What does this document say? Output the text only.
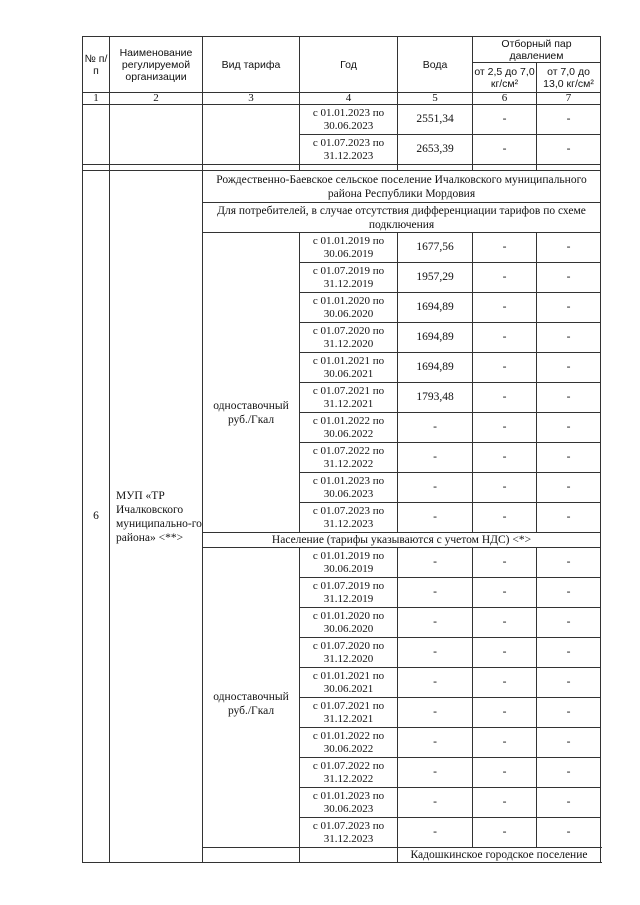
№ п/п	Наименование регулируемой организации	Вид тарифа	Год	Вода	Отборный пар давлением	
					от 2,5 до 7,0 кг/см²	от 7,0 до 13,0 кг/см²
1	2	3	4	5	6	7
			с 01.01.2023 по 30.06.2023	2551,34	-	-
			с 01.07.2023 по 31.12.2023	2653,39	-	-

6	МУП «ТР Ичалковского муниципально-го района» <**>	Рождественно-Баевское сельское поселение Ичалковского муниципального района Республики Мордовия				
		Для потребителей, в случае отсутствия дифференциации тарифов по схеме подключения				
		одноставочный руб./Гкал	с 01.01.2019 по 30.06.2019	1677,56	-	-
			с 01.07.2019 по 31.12.2019	1957,29	-	-
			с 01.01.2020 по 30.06.2020	1694,89	-	-
			с 01.07.2020 по 31.12.2020	1694,89	-	-
			с 01.01.2021 по 30.06.2021	1694,89	-	-
			с 01.07.2021 по 31.12.2021	1793,48	-	-
			с 01.01.2022 по 30.06.2022	-	-	-
			с 01.07.2022 по 31.12.2022	-	-	-
			с 01.01.2023 по 30.06.2023	-	-	-
			с 01.07.2023 по 31.12.2023	-	-	-
		Население (тарифы указываются с учетом НДС) <*>				
		одноставочный руб./Гкал	с 01.01.2019 по 30.06.2019	-	-	-
			с 01.07.2019 по 31.12.2019	-	-	-
			с 01.01.2020 по 30.06.2020	-	-	-
			с 01.07.2020 по 31.12.2020	-	-	-
			с 01.01.2021 по 30.06.2021	-	-	-
			с 01.07.2021 по 31.12.2021	-	-	-
			с 01.01.2022 по 30.06.2022	-	-	-
			с 01.07.2022 по 31.12.2022	-	-	-
			с 01.01.2023 по 30.06.2023	-	-	-
			с 01.07.2023 по 31.12.2023	-	-	-
				Кадошкинское городское поселение		
